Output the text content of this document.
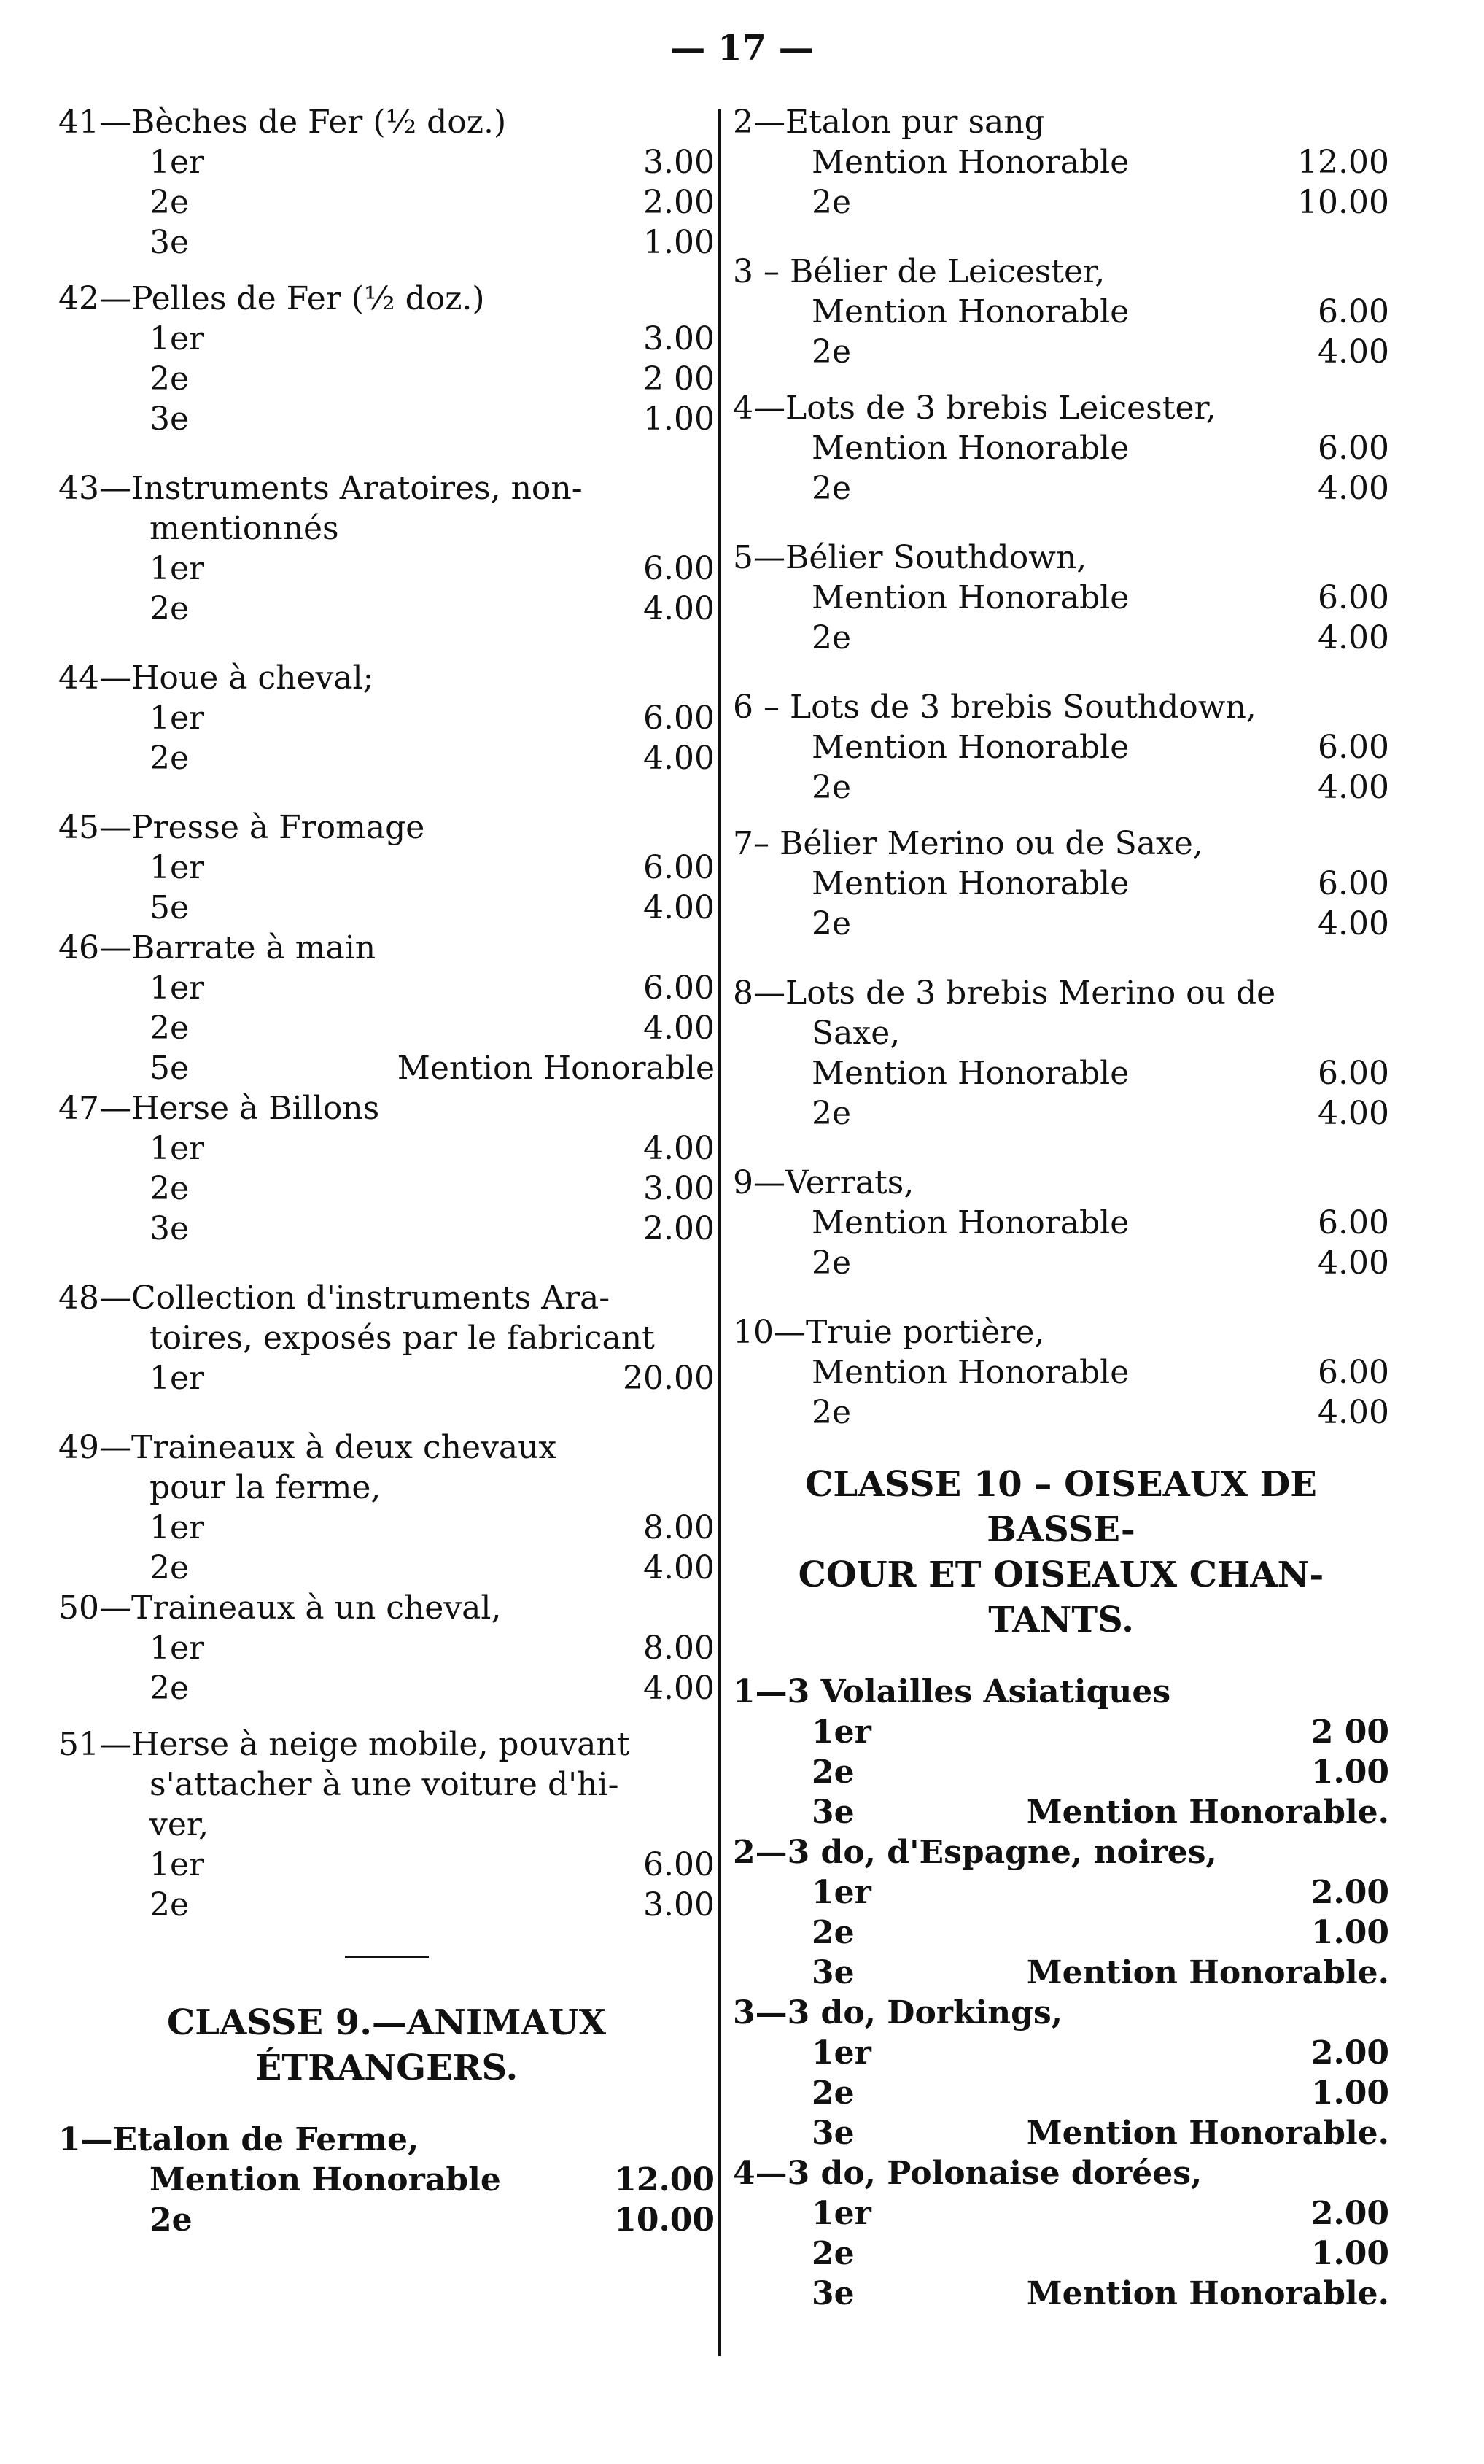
— 17 —
41—Bèches de Fer (½ doz.)
1er	3.00
2e	2.00
3e	1.00
42—Pelles de Fer (½ doz.)
1er	3.00
2e	2 00
3e	1.00
43—Instruments Aratoires, non-
mentionnés
1er	6.00
2e	4.00
44—Houe à cheval;
1er	6.00
2e	4.00
45—Presse à Fromage
1er	6.00
5e	4.00
46—Barrate à main
1er	6.00
2e	4.00
5e	Mention Honorable
47—Herse à Billons
1er	4.00
2e	3.00
3e	2.00
48—Collection d'instruments Ara-
toires, exposés par le fabricant
1er	20.00
49—Traineaux à deux chevaux
pour la ferme,
1er	8.00
2e	4.00
50—Traineaux à un cheval,
1er	8.00
2e	4.00
51—Herse à neige mobile, pouvant
s'attacher à une voiture d'hi-
ver,
1er	6.00
2e	3.00
CLASSE 9.—ANIMAUX
ÉTRANGERS.
1—Etalon de Ferme,
Mention Honorable	12.00
2e	10.00
2—Etalon pur sang
Mention Honorable	12.00
2e	10.00
3 – Bélier de Leicester,
Mention Honorable	6.00
2e	4.00
4—Lots de 3 brebis Leicester,
Mention Honorable	6.00
2e	4.00
5—Bélier Southdown,
Mention Honorable	6.00
2e	4.00
6 – Lots de 3 brebis Southdown,
Mention Honorable	6.00
2e	4.00
7– Bélier Merino ou de Saxe,
Mention Honorable	6.00
2e	4.00
8—Lots de 3 brebis Merino ou de
Saxe,
Mention Honorable	6.00
2e	4.00
9—Verrats,
Mention Honorable	6.00
2e	4.00
10—Truie portière,
Mention Honorable	6.00
2e	4.00
CLASSE 10 – OISEAUX DE BASSE-
COUR ET OISEAUX CHAN-
TANTS.
1—3 Volailles Asiatiques
1er	2 00
2e	1.00
3e	Mention Honorable.
2—3 do, d'Espagne, noires,
1er	2.00
2e	1.00
3e	Mention Honorable.
3—3 do, Dorkings,
1er	2.00
2e	1.00
3e	Mention Honorable.
4—3 do, Polonaise dorées,
1er	2.00
2e	1.00
3e	Mention Honorable.
